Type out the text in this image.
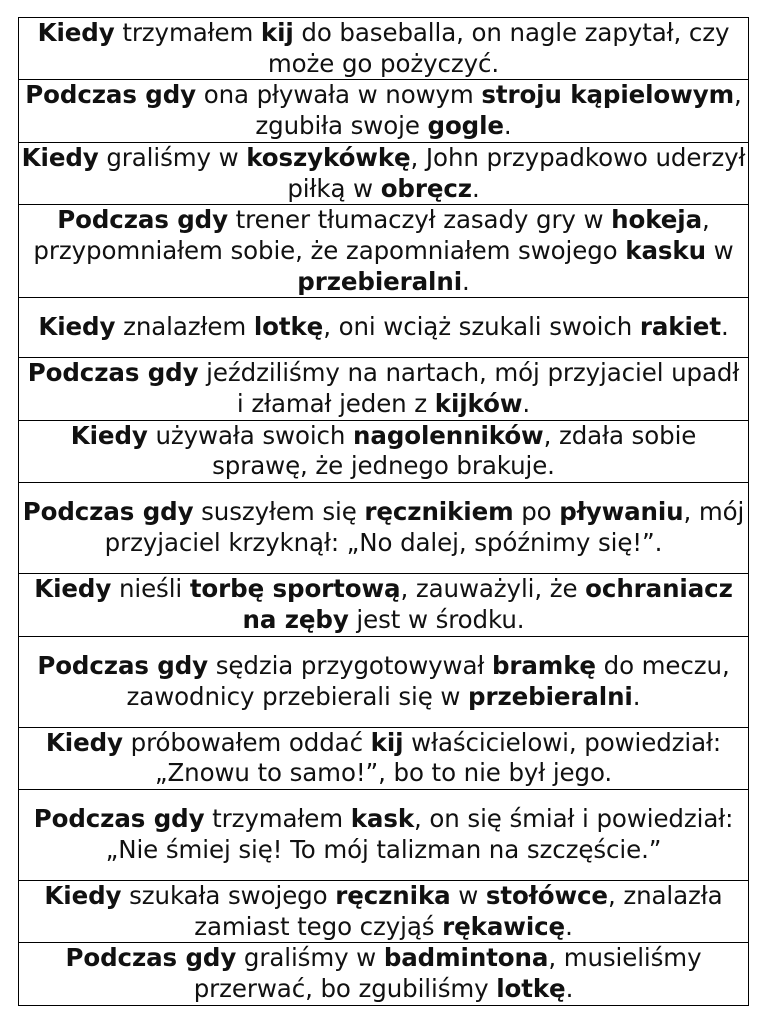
Kiedy trzymałem kij do baseballa, on nagle zapytał, czy może go pożyczyć.
Podczas gdy ona pływała w nowym stroju kąpielowym, zgubiła swoje gogle.
Kiedy graliśmy w koszykówkę, John przypadkowo uderzył piłką w obręcz.
Podczas gdy trener tłumaczył zasady gry w hokeja, przypomniałem sobie, że zapomniałem swojego kasku w przebieralni.
Kiedy znalazłem lotkę, oni wciąż szukali swoich rakiet.
Podczas gdy jeździliśmy na nartach, mój przyjaciel upadł i złamał jeden z kijków.
Kiedy używała swoich nagolenników, zdała sobie sprawę, że jednego brakuje.
Podczas gdy suszyłem się ręcznikiem po pływaniu, mój przyjaciel krzyknął: „No dalej, spóźnimy się!”.
Kiedy nieśli torbę sportową, zauważyli, że ochraniacz na zęby jest w środku.
Podczas gdy sędzia przygotowywał bramkę do meczu, zawodnicy przebierali się w przebieralni.
Kiedy próbowałem oddać kij właścicielowi, powiedział: „Znowu to samo!”, bo to nie był jego.
Podczas gdy trzymałem kask, on się śmiał i powiedział: „Nie śmiej się! To mój talizman na szczęście.”
Kiedy szukała swojego ręcznika w stołówce, znalazła zamiast tego czyjąś rękawicę.
Podczas gdy graliśmy w badmintona, musieliśmy przerwać, bo zgubiliśmy lotkę.
